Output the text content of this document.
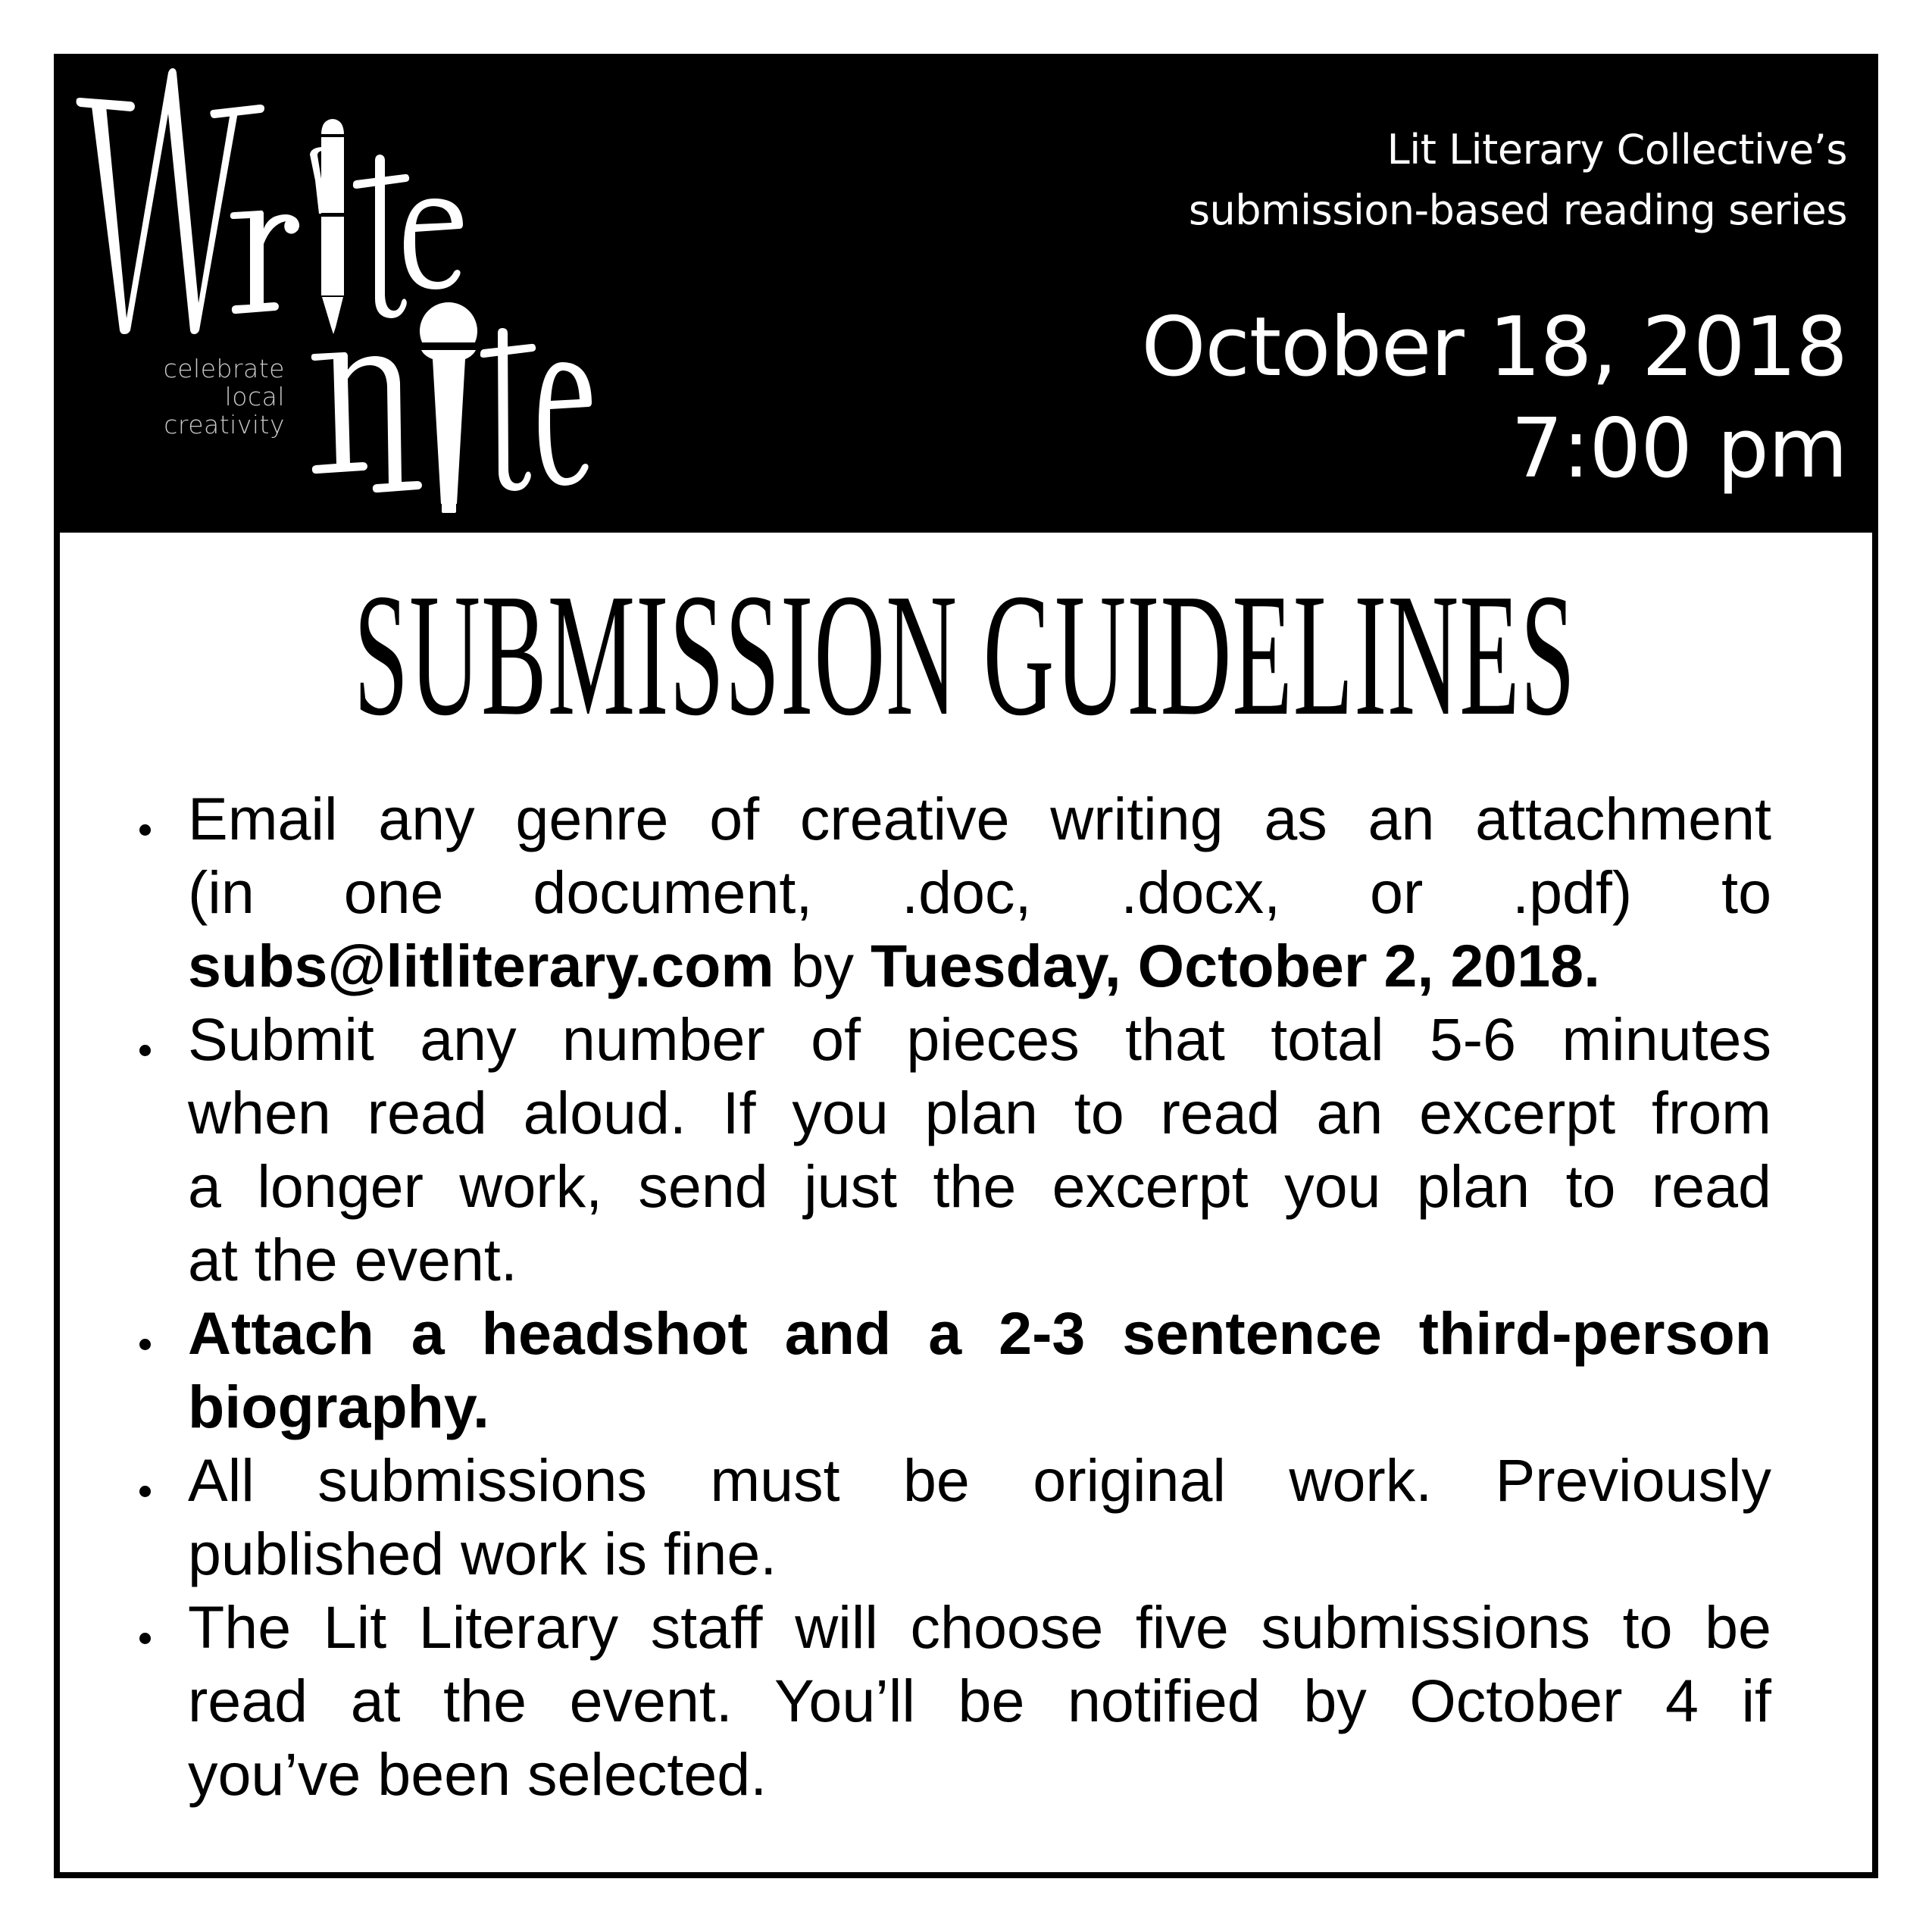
celebrate
local
creativity
Lit Literary Collective’s
submission-based reading series
October 18, 2018
7:00 pm
SUBMISSION GUIDELINES
Email any genre of creative writing as an attachment
(in one document, .doc, .docx, or .pdf) to
subs@litliterary.com by Tuesday, October 2, 2018.
Submit any number of pieces that total 5-6 minutes
when read aloud. If you plan to read an excerpt from
a longer work, send just the excerpt you plan to read
at the event.
Attach a headshot and a 2-3 sentence third-person
biography.
All submissions must be original work. Previously
published work is fine.
The Lit Literary staff will choose five submissions to be
read at the event. You’ll be notified by October 4 if
you’ve been selected.
